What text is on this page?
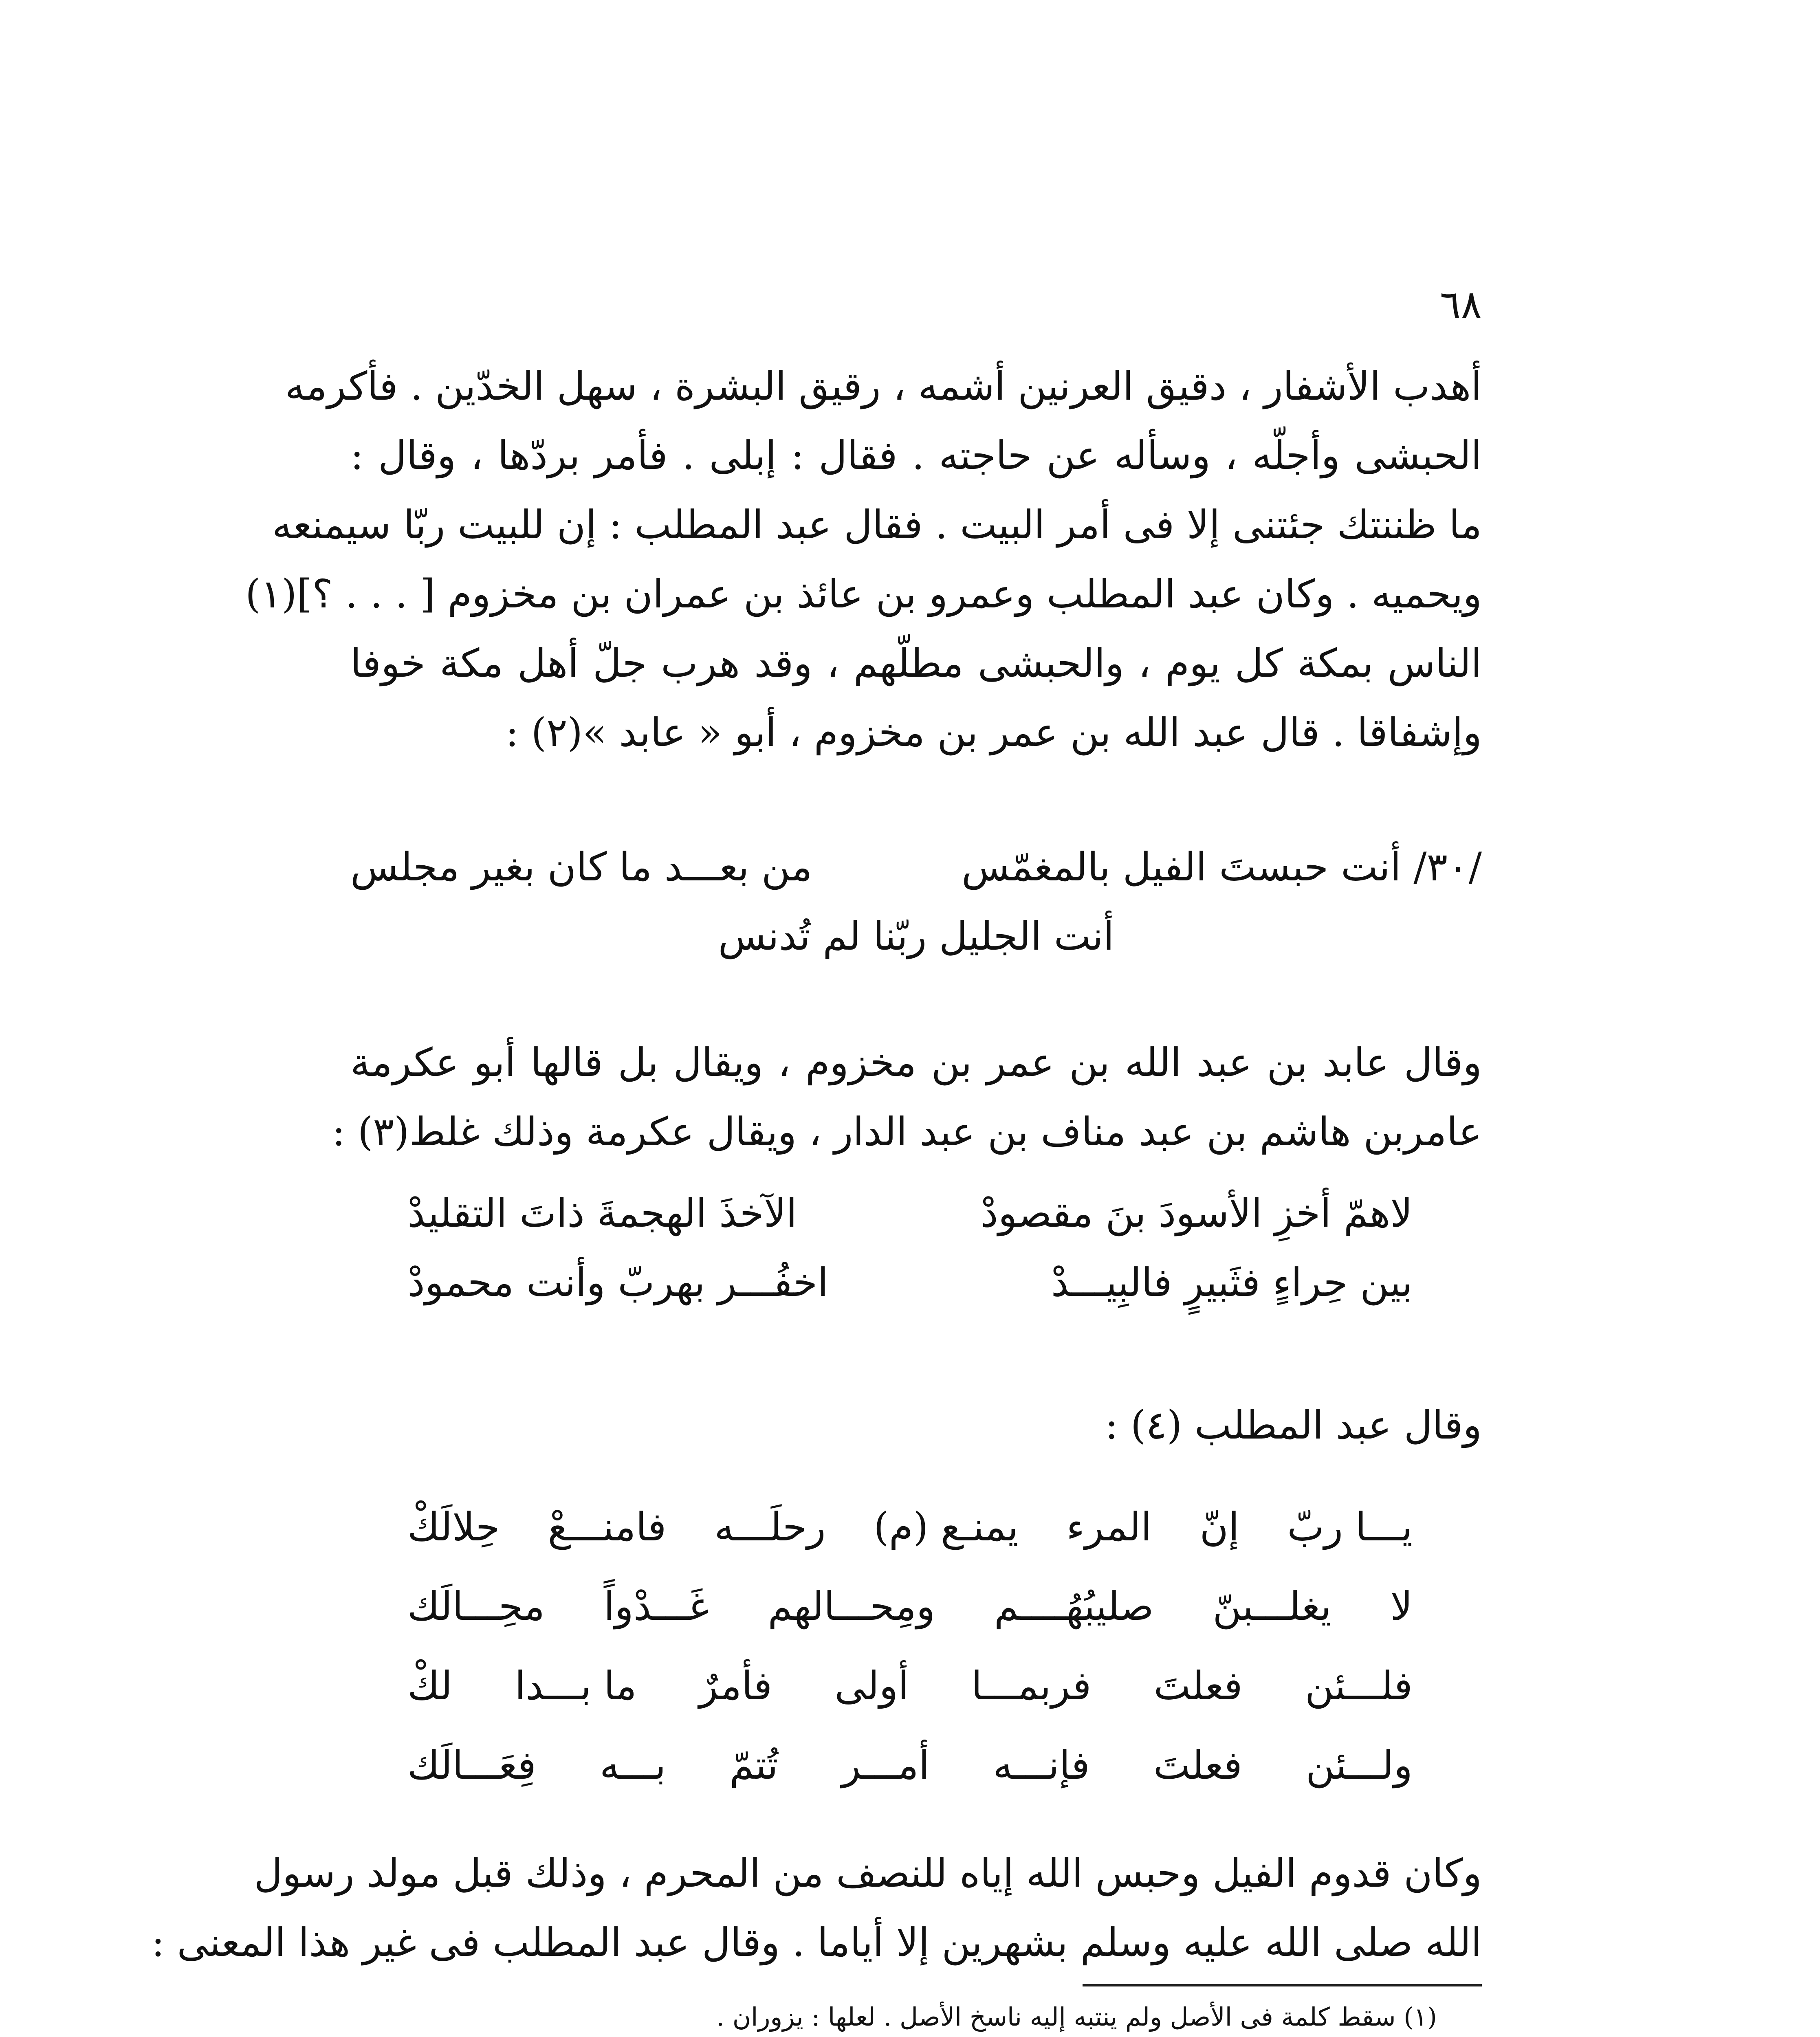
٦٨
أهدب الأشفار ، دقيق العرنين أشمه ، رقيق البشرة ، سهل الخدّين . فأكرمه
الحبشى وأجلّه ، وسأله عن حاجته . فقال : إبلى . فأمر بردّها ، وقال :
ما ظننتك جئتنى إلا فى أمر البيت . فقال عبد المطلب : إن للبيت ربّا سيمنعه
ويحميه . وكان عبد المطلب وعمرو بن عائذ بن عمران بن مخزوم [ . . . ؟](١)
الناس بمكة كل يوم ، والحبشى مطلّهم ، وقد هرب جلّ أهل مكة خوفا
وإشفاقا . قال عبد الله بن عمر بن مخزوم ، أبو « عابد »(٢) :
/٣٠/ أنت حبستَ الفيل بالمغمّس
من بعـــد ما كان بغير مجلس
أنت الجليل ربّنا لم تُدنس
وقال عابد بن عبد الله بن عمر بن مخزوم ، ويقال بل قالها أبو عكرمة
عامربن هاشم بن عبد مناف بن عبد الدار ، ويقال عكرمة وذلك غلط(٣) :
لاهمّ أخزِ الأسودَ بنَ مقصودْ
الآخذَ الهجمةَ ذاتَ التقليدْ
بين حِراءٍ فثَبيرٍ فالبِيـــدْ
اخفُـــر بهربّ وأنت محمودْ
وقال عبد المطلب (٤) :
يـــا ربّ
إنّ
المرء
يمنـع (م)
رحلَـــه
فامنـــعْ
حِلالَكْ
لا
يغلـــبنّ
صليبُهُــــم
ومِحـــالهم
غَـــدْواً
محِـــالَك
فلـــئن
فعلتَ
فربمـــا
أولى
فأمرٌ
ما بـــدا
لكْ
ولـــئن
فعلتَ
فإنـــه
أمـــر
تُتمّ
بـــه
فِعَـــالَك
وكان قدوم الفيل وحبس الله إياه للنصف من المحرم ، وذلك قبل مولد رسول
الله صلى الله عليه وسلم بشهرين إلا أياما . وقال عبد المطلب فى غير هذا المعنى :
(١) سقط كلمة فى الأصل ولم ينتبه إليه ناسخ الأصل . لعلها : يزوران .
